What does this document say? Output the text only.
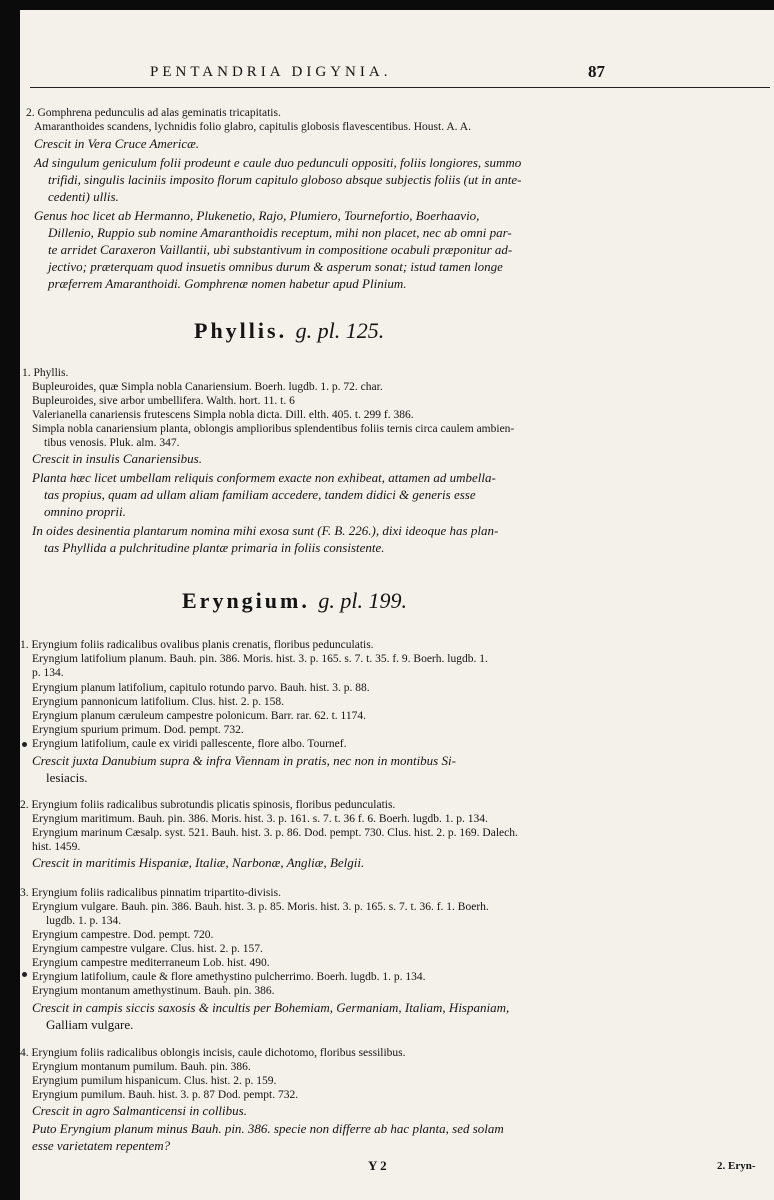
PENTANDRIA DIGYNIA.	87
2. Gomphrena pedunculis ad alas geminatis tricapitatis.
Amaranthoides scandens, lychnidis folio glabro, capitulis globosis flavescentibus. Houst. A. A.
Crescit in Vera Cruce Americæ.
Ad singulum geniculum folii prodeunt e caule duo pedunculi oppositi, foliis longiores, summo
trifidi, singulis laciniis imposito florum capitulo globoso absque subjectis foliis (ut in ante-
cedenti) ullis.
Genus hoc licet ab Hermanno, Plukenetio, Rajo, Plumiero, Tournefortio, Boerhaavio,
Dillenio, Ruppio sub nomine Amaranthoidis receptum, mihi non placet, nec ab omni par-
te arridet Caraxeron Vaillantii, ubi substantivum in compositione ocabuli præponitur ad-
jectivo; præterquam quod insuetis omnibus durum & asperum sonat; istud tamen longe
præferrem Amaranthoidi. Gomphrenæ nomen habetur apud Plinium.
Phyllis. g. pl. 125.
1. Phyllis.
Bupleuroides, quæ Simpla nobla Canariensium. Boerh. lugdb. 1. p. 72. char.
Bupleuroides, sive arbor umbellifera. Walth. hort. 11. t. 6
Valerianella canariensis frutescens Simpla nobla dicta. Dill. elth. 405. t. 299 f. 386.
Simpla nobla canariensium planta, oblongis amplioribus splendentibus foliis ternis circa caulem ambien-
tibus venosis. Pluk. alm. 347.
Crescit in insulis Canariensibus.
Planta hæc licet umbellam reliquis conformem exacte non exhibeat, attamen ad umbella-
tas propius, quam ad ullam aliam familiam accedere, tandem didici & generis esse
omnino proprii.
In oides desinentia plantarum nomina mihi exosa sunt (F. B. 226.), dixi ideoque has plan-
tas Phyllida a pulchritudine plantæ primaria in foliis consistente.
Eryngium. g. pl. 199.
1. Eryngium foliis radicalibus ovalibus planis crenatis, floribus pedunculatis.
Eryngium latifolium planum. Bauh. pin. 386. Moris. hist. 3. p. 165. s. 7. t. 35. f. 9. Boerh. lugdb. 1.
p. 134.
Eryngium planum latifolium, capitulo rotundo parvo. Bauh. hist. 3. p. 88.
Eryngium pannonicum latifolium. Clus. hist. 2. p. 158.
Eryngium planum cæruleum campestre polonicum. Barr. rar. 62. t. 1174.
Eryngium spurium primum. Dod. pempt. 732.
Eryngium latifolium, caule ex viridi pallescente, flore albo. Tournef.
Crescit juxta Danubium supra & infra Viennam in pratis, nec non in montibus Si-
lesiacis.
2. Eryngium foliis radicalibus subrotundis plicatis spinosis, floribus pedunculatis.
Eryngium maritimum. Bauh. pin. 386. Moris. hist. 3. p. 161. s. 7. t. 36 f. 6. Boerh. lugdb. 1. p. 134.
Eryngium marinum Cæsalp. syst. 521. Bauh. hist. 3. p. 86. Dod. pempt. 730. Clus. hist. 2. p. 169. Dalech.
hist. 1459.
Crescit in maritimis Hispaniæ, Italiæ, Narbonæ, Angliæ, Belgii.
3. Eryngium foliis radicalibus pinnatim tripartito-divisis.
Eryngium vulgare. Bauh. pin. 386. Bauh. hist. 3. p. 85. Moris. hist. 3. p. 165. s. 7. t. 36. f. 1. Boerh.
lugdb. 1. p. 134.
Eryngium campestre. Dod. pempt. 720.
Eryngium campestre vulgare. Clus. hist. 2. p. 157.
Eryngium campestre mediterraneum Lob. hist. 490.
Eryngium latifolium, caule & flore amethystino pulcherrimo. Boerh. lugdb. 1. p. 134.
Eryngium montanum amethystinum. Bauh. pin. 386.
Crescit in campis siccis saxosis & incultis per Bohemiam, Germaniam, Italiam, Hispaniam,
Galliam vulgare.
4. Eryngium foliis radicalibus oblongis incisis, caule dichotomo, floribus sessilibus.
Eryngium montanum pumilum. Bauh. pin. 386.
Eryngium pumilum hispanicum. Clus. hist. 2. p. 159.
Eryngium pumilum. Bauh. hist. 3. p. 87 Dod. pempt. 732.
Crescit in agro Salmanticensi in collibus.
Puto Eryngium planum minus Bauh. pin. 386. specie non differre ab hac planta, sed solam
esse varietatem repentem?
Y 2	2. Eryn-
